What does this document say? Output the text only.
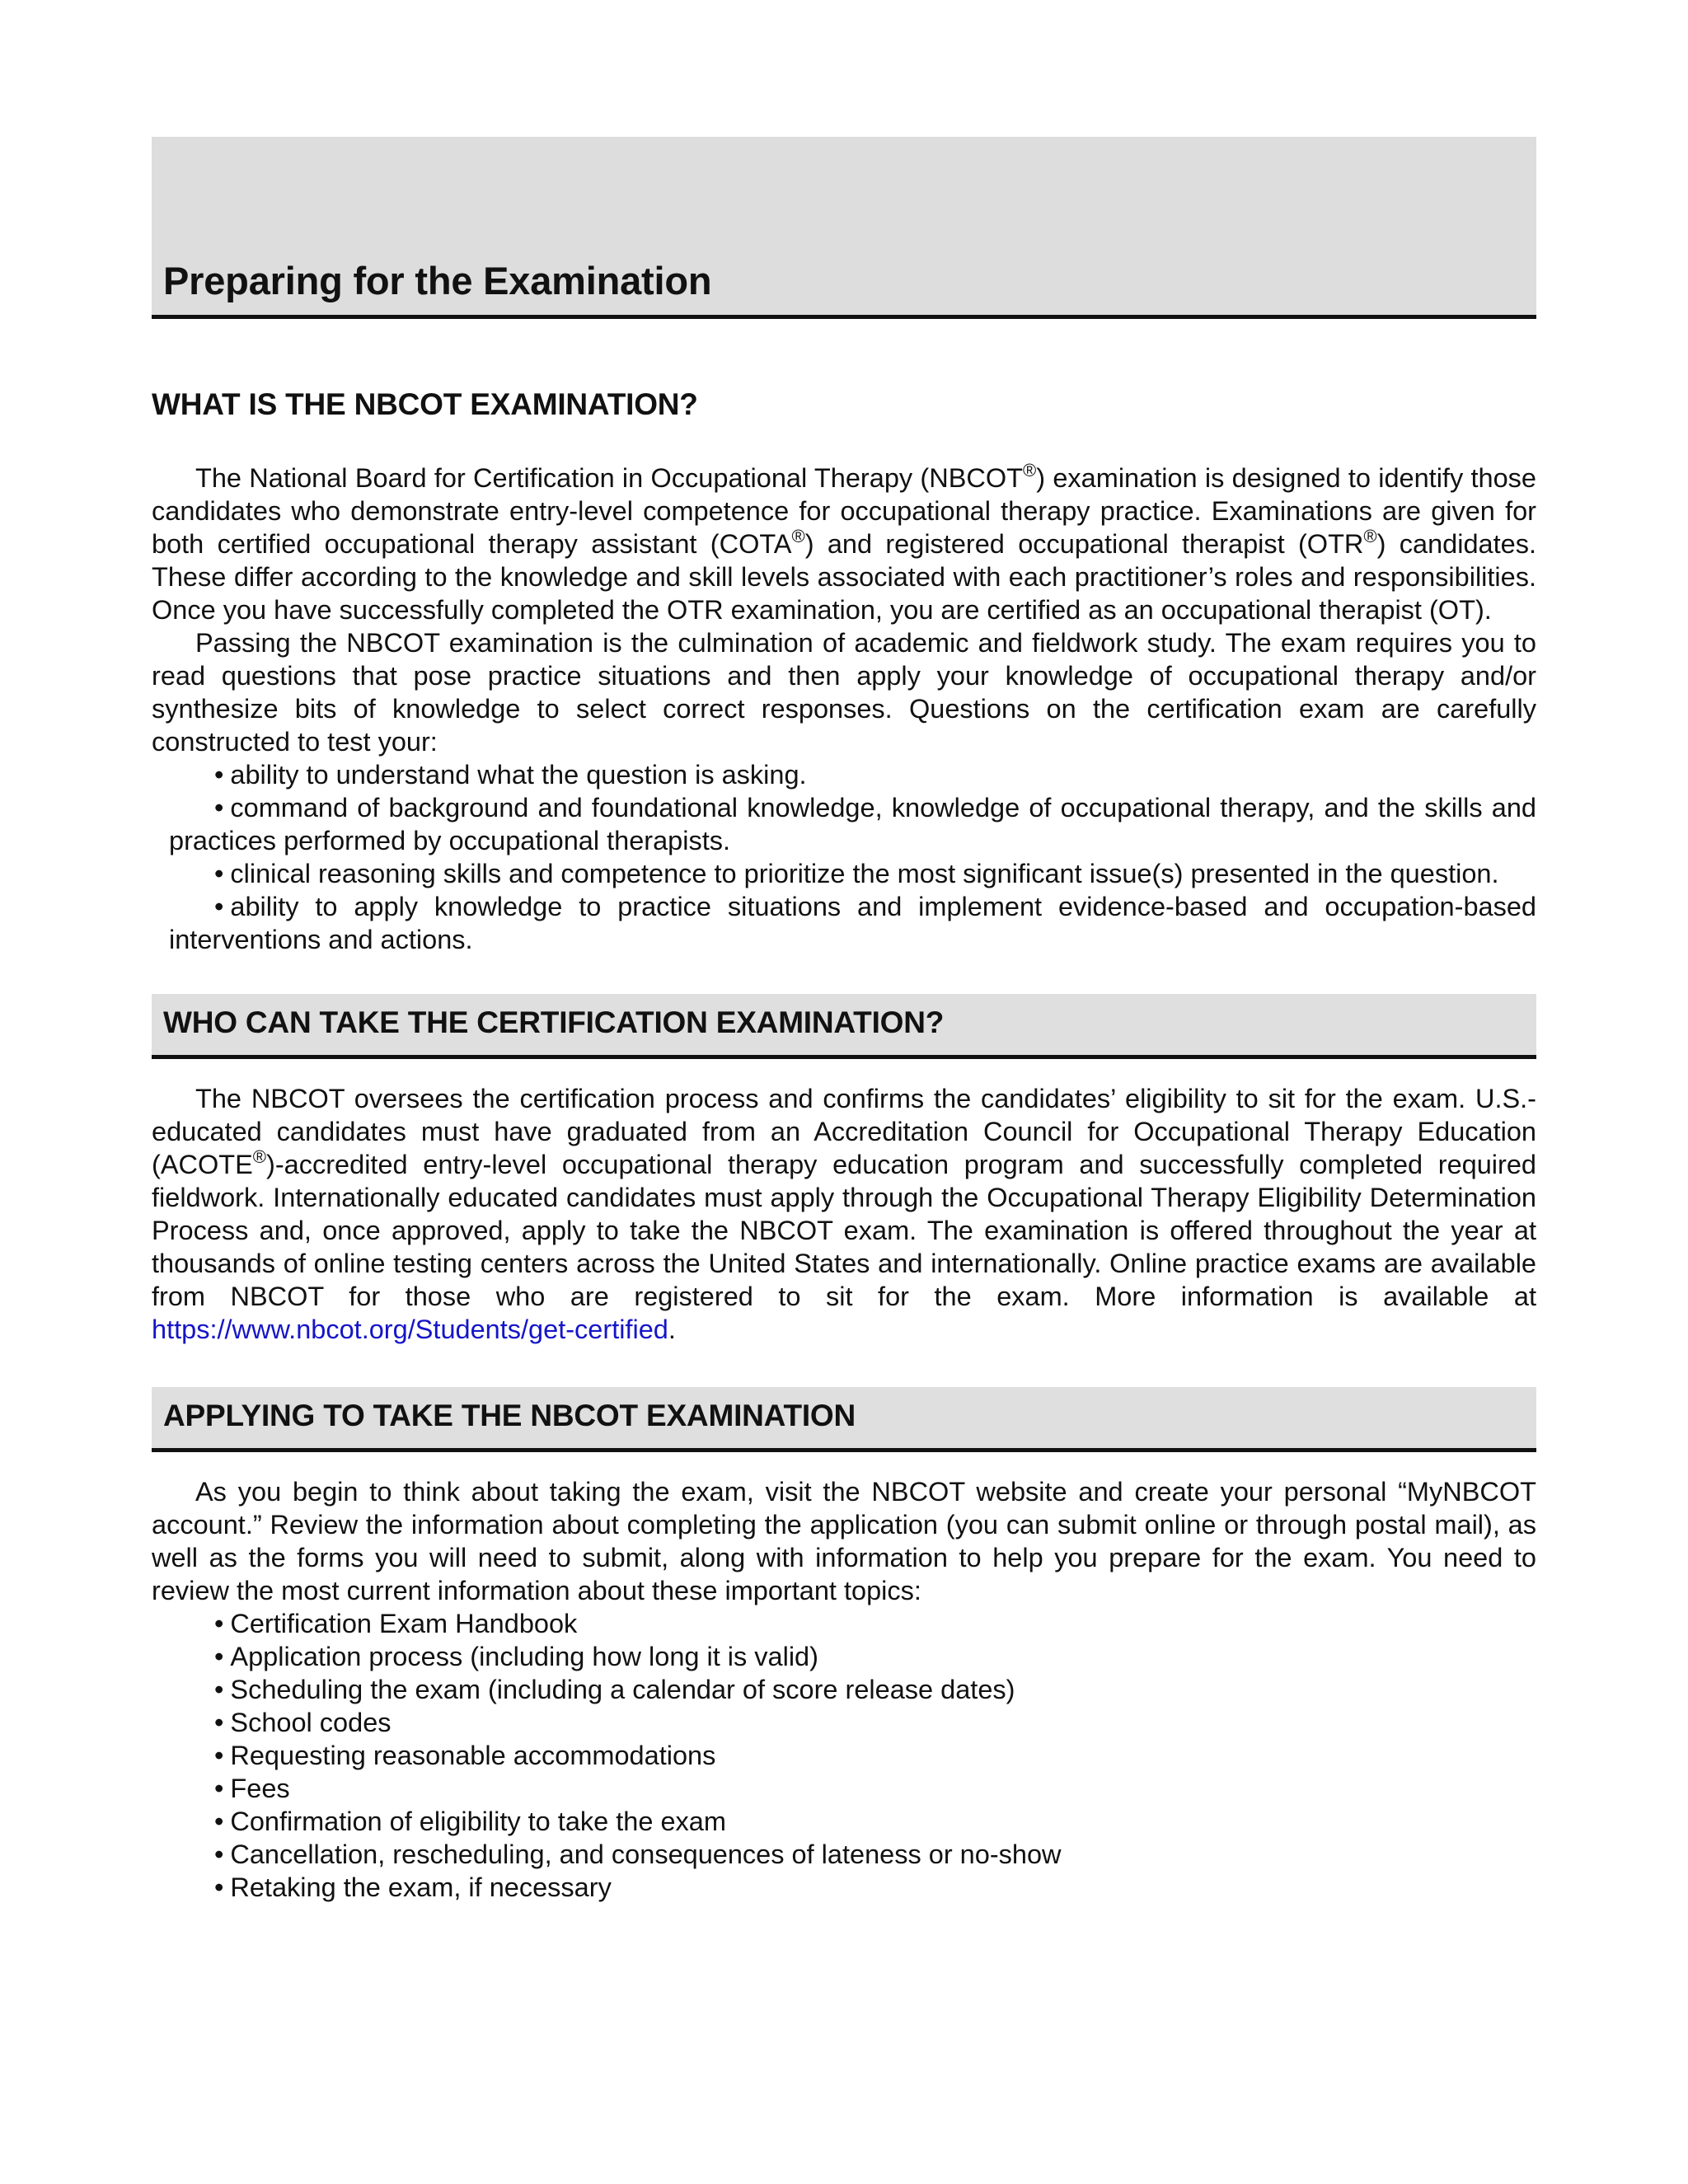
Preparing for the Examination
WHAT IS THE NBCOT EXAMINATION?

The National Board for Certification in Occupational Therapy (NBCOT®) examination is designed to identify those candidates who demonstrate entry-level competence for occupational therapy practice. Examinations are given for both certified occupational therapy assistant (COTA®) and registered occupational therapist (OTR®) candidates. These differ according to the knowledge and skill levels associated with each practitioner’s roles and responsibilities. Once you have successfully completed the OTR examination, you are certified as an occupational therapist (OT).

Passing the NBCOT examination is the culmination of academic and fieldwork study. The exam requires you to read questions that pose practice situations and then apply your knowledge of occupational therapy and/or synthesize bits of knowledge to select correct responses. Questions on the certification exam are carefully constructed to test your:

• ability to understand what the question is asking.
• command of background and foundational knowledge, knowledge of occupational therapy, and the skills and practices performed by occupational therapists.
• clinical reasoning skills and competence to prioritize the most significant issue(s) presented in the question.
• ability to apply knowledge to practice situations and implement evidence-based and occupation-based interventions and actions.
WHO CAN TAKE THE CERTIFICATION EXAMINATION?

The NBCOT oversees the certification process and confirms the candidates’ eligibility to sit for the exam. U.S.-educated candidates must have graduated from an Accreditation Council for Occupational Therapy Education (ACOTE®)-accredited entry-level occupational therapy education program and successfully completed required fieldwork. Internationally educated candidates must apply through the Occupational Therapy Eligibility Determination Process and, once approved, apply to take the NBCOT exam. The examination is offered throughout the year at thousands of online testing centers across the United States and internationally. Online practice exams are available from NBCOT for those who are registered to sit for the exam. More information is available at https://www.nbcot.org/Students/get-certified.

APPLYING TO TAKE THE NBCOT EXAMINATION

As you begin to think about taking the exam, visit the NBCOT website and create your personal “MyNBCOT account.” Review the information about completing the application (you can submit online or through postal mail), as well as the forms you will need to submit, along with information to help you prepare for the exam. You need to review the most current information about these important topics:

• Certification Exam Handbook
• Application process (including how long it is valid)
• Scheduling the exam (including a calendar of score release dates)
• School codes
• Requesting reasonable accommodations
• Fees
• Confirmation of eligibility to take the exam
• Cancellation, rescheduling, and consequences of lateness or no-show
• Retaking the exam, if necessary
